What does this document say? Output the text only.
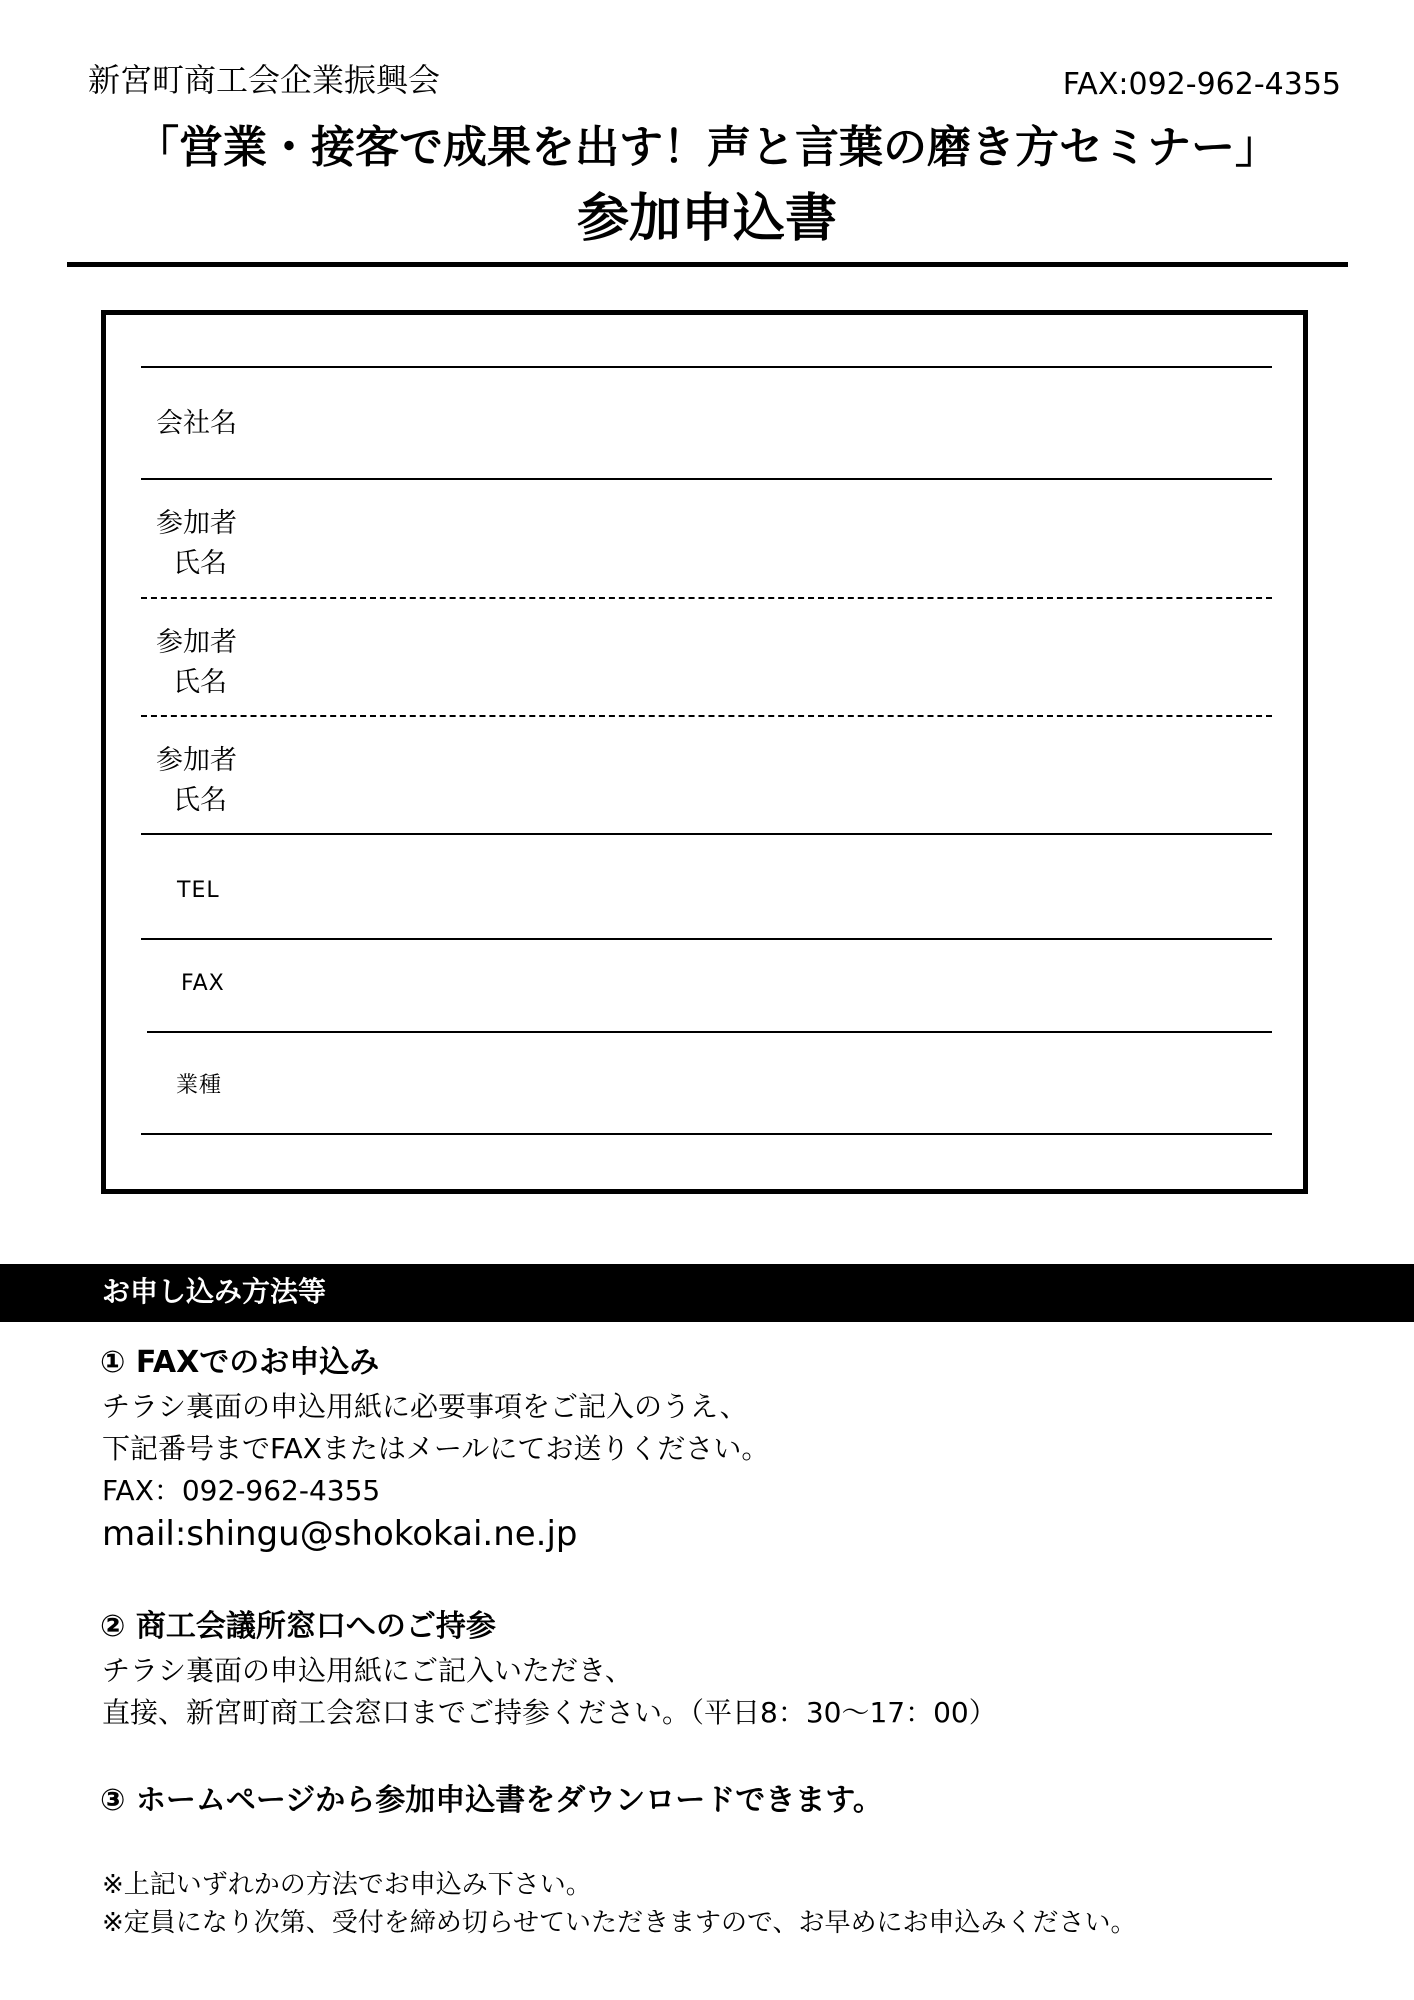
新宮町商工会企業振興会	FAX:092-962-4355
「営業・接客で成果を出す！声と言葉の磨き方セミナー」
参加申込書
会社名
参加者
氏名
参加者
氏名
参加者
氏名
TEL
FAX
業種
お申し込み方法等
① FAXでのお申込み
チラシ裏面の申込用紙に必要事項をご記入のうえ、
下記番号までFAXまたはメールにてお送りください。
FAX：092-962-4355
mail:shingu@shokokai.ne.jp
② 商工会議所窓口へのご持参
チラシ裏面の申込用紙にご記入いただき、
直接、新宮町商工会窓口までご持参ください。（平日8：30〜17：00）
③ ホームページから参加申込書をダウンロードできます。
※上記いずれかの方法でお申込み下さい。
※定員になり次第、受付を締め切らせていただきますので、お早めにお申込みください。
